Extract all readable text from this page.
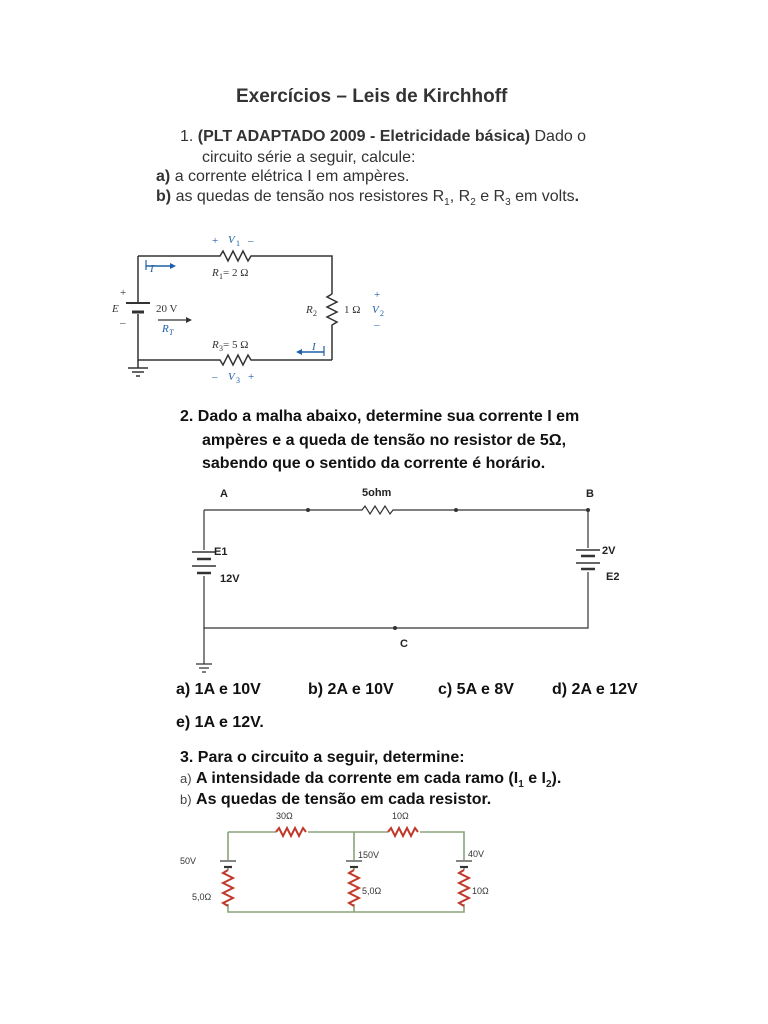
Exercícios – Leis de Kirchhoff
1. (PLT ADAPTADO 2009 - Eletricidade básica) Dado o
circuito série a seguir, calcule:
a) a corrente elétrica I em ampères.
b) as quedas de tensão nos resistores $R_1$, $R_2$ e $R_3$ em volts.
+ V 1 –
R 1 = 2 Ω
I
+
E
–
20 V
R T
R 2 1 Ω
+
V 2
–
R 3 = 5 Ω	I
– V 3 +
2. Dado a malha abaixo, determine sua corrente I em
ampères e a queda de tensão no resistor de 5Ω,
sabendo que o sentido da corrente é horário.
A	5ohm	B
E1
12V
2V
E2
C
a) 1A e 10V	b) 2A e 10V	c) 5A e 8V d) 2A e 12V
e) 1A e 12V.
3. Para o circuito a seguir, determine:
a) A intensidade da corrente em cada ramo ($I_1$ e $I_2$).
b) As quedas de tensão em cada resistor.
30Ω	10Ω
50V
150V	40V
5,0Ω
5,0Ω	10Ω
